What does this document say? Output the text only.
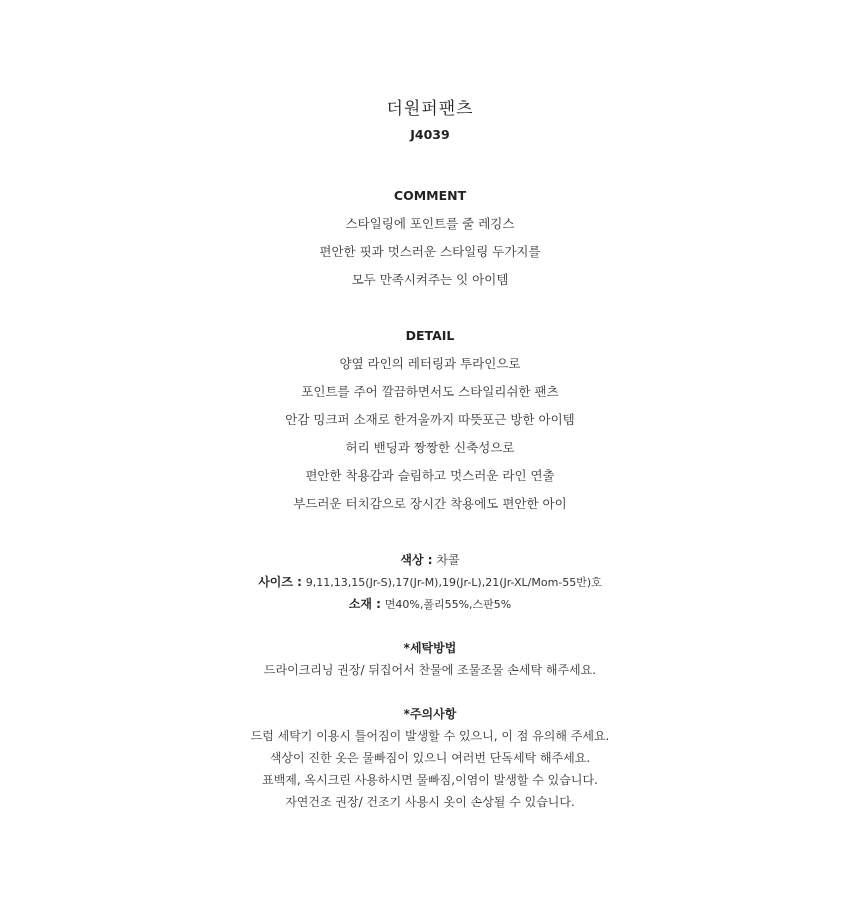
더원퍼팬츠
J4039
COMMENT
스타일링에 포인트를 줄 레깅스
편안한 핏과 멋스러운 스타일링 두가지를
모두 만족시켜주는 잇 아이템
DETAIL
양옆 라인의 레터링과 투라인으로
포인트를 주어 깔끔하면서도 스타일리쉬한 팬츠
안감 밍크퍼 소재로 한겨울까지 따뜻포근 방한 아이템
허리 밴딩과 짱짱한 신축성으로
편안한 착용감과 슬림하고 멋스러운 라인 연출
부드러운 터치감으로 장시간 착용에도 편안한 아이
색상 : 차콜
사이즈 : 9,11,13,15(Jr-S),17(Jr-M),19(Jr-L),21(Jr-XL/Mom-55반)호
소재 : 면40%,폴리55%,스판5%
*세탁방법
드라이크리닝 권장/ 뒤집어서 찬물에 조물조물 손세탁 해주세요.
*주의사항
드럼 세탁기 이용시 틀어짐이 발생할 수 있으니, 이 점 유의해 주세요.
색상이 진한 옷은 물빠짐이 있으니 여러번 단독세탁 해주세요.
표백제, 옥시크린 사용하시면 물빠짐,이염이 발생할 수 있습니다.
자연건조 권장/ 건조기 사용시 옷이 손상될 수 있습니다.
